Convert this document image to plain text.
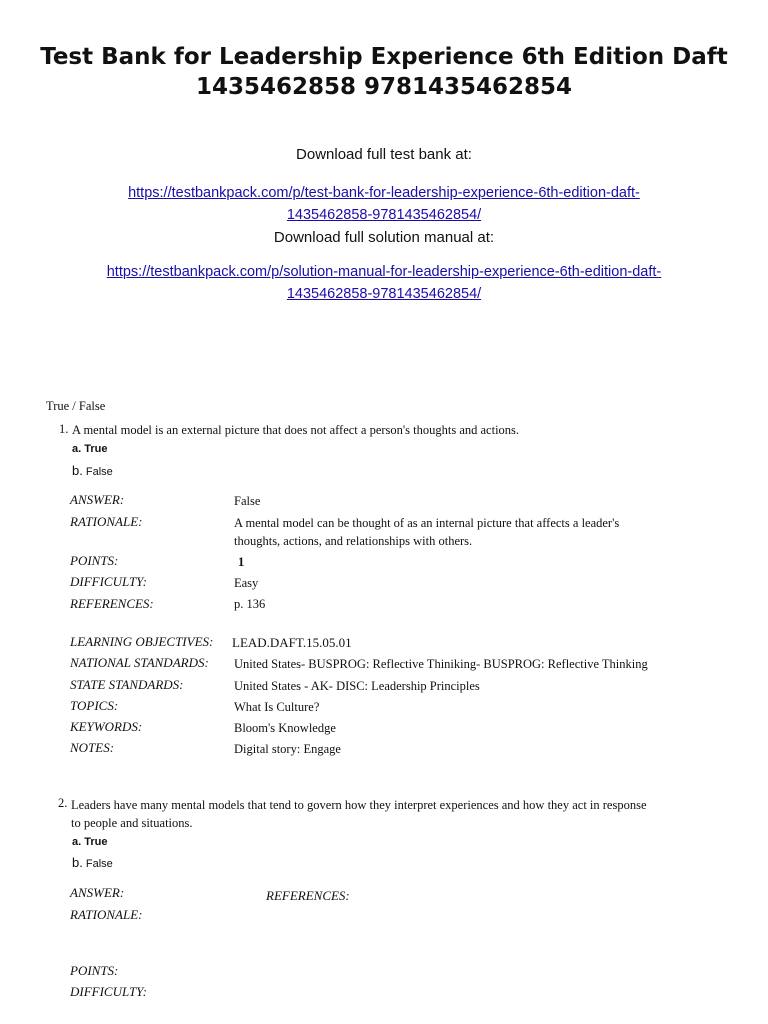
Test Bank for Leadership Experience 6th Edition Daft
1435462858 9781435462854
Download full test bank at:
https://testbankpack.com/p/test-bank-for-leadership-experience-6th-edition-daft-
1435462858-9781435462854/
Download full solution manual at:
https://testbankpack.com/p/solution-manual-for-leadership-experience-6th-edition-daft-
1435462858-9781435462854/
True / False
1. A mental model is an external picture that does not affect a person's thoughts and actions.
a. True
b. False
ANSWER:	False
RATIONALE:	A mental model can be thought of as an internal picture that affects a leader's
thoughts, actions, and relationships with others.
POINTS:	1
DIFFICULTY:	Easy
REFERENCES:	p. 136
LEARNING OBJECTIVES: LEAD.DAFT.15.05.01
NATIONAL STANDARDS: United States- BUSPROG: Reflective Thiniking- BUSPROG: Reflective Thinking
STATE STANDARDS:	United States - AK- DISC: Leadership Principles
TOPICS:	What Is Culture?
KEYWORDS:	Bloom's Knowledge
NOTES:	Digital story: Engage
2. Leaders have many mental models that tend to govern how they interpret experiences and how they act in response
to people and situations.
a. True
b. False
ANSWER:	REFERENCES:
RATIONALE:
POINTS:
DIFFICULTY:
